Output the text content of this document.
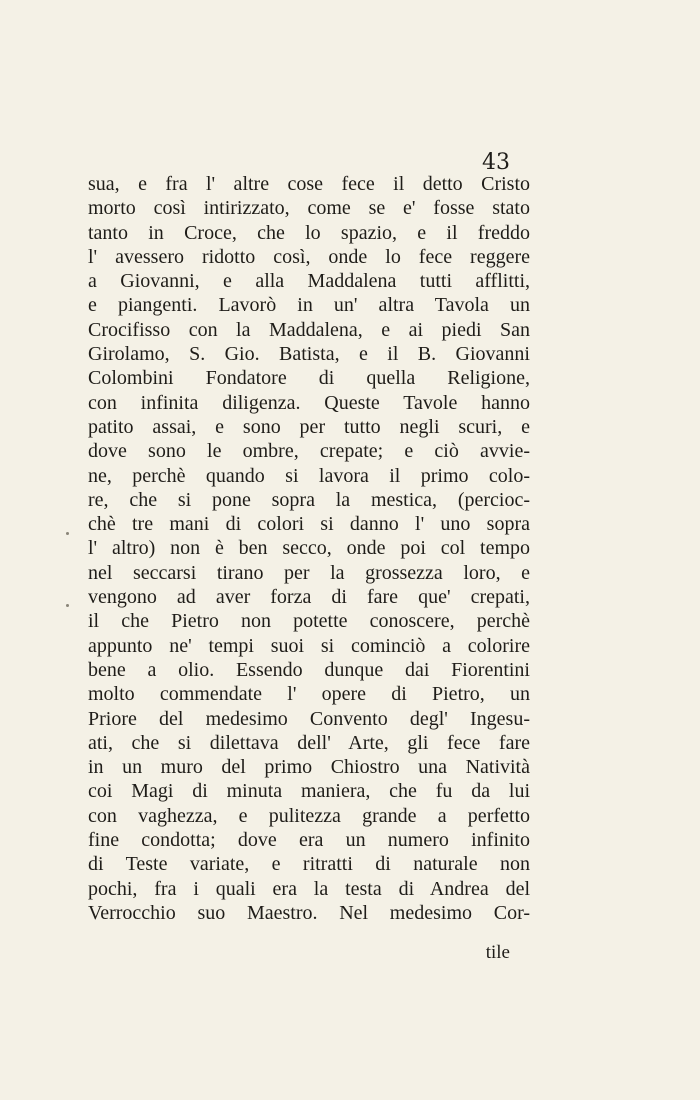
43
sua, e fra l' altre cose fece il detto Cristo
morto così intirizzato, come se e' fosse stato
tanto in Croce, che lo spazio, e il freddo
l' avessero ridotto così, onde lo fece reggere
a Giovanni, e alla Maddalena tutti afflitti,
e piangenti. Lavorò in un' altra Tavola un
Crocifisso con la Maddalena, e ai piedi San
Girolamo, S. Gio. Batista, e il B. Giovanni
Colombini Fondatore di quella Religione,
con infinita diligenza. Queste Tavole hanno
patito assai, e sono per tutto negli scuri, e
dove sono le ombre, crepate; e ciò avvie-
ne, perchè quando si lavora il primo colo-
re, che si pone sopra la mestica, (percioc-
chè tre mani di colori si danno l' uno sopra
l' altro) non è ben secco, onde poi col tempo
nel seccarsi tirano per la grossezza loro, e
vengono ad aver forza di fare que' crepati,
il che Pietro non potette conoscere, perchè
appunto ne' tempi suoi si cominciò a colorire
bene a olio. Essendo dunque dai Fiorentini
molto commendate l' opere di Pietro, un
Priore del medesimo Convento degl' Ingesu-
ati, che si dilettava dell' Arte, gli fece fare
in un muro del primo Chiostro una Natività
coi Magi di minuta maniera, che fu da lui
con vaghezza, e pulitezza grande a perfetto
fine condotta; dove era un numero infinito
di Teste variate, e ritratti di naturale non
pochi, fra i quali era la testa di Andrea del
Verrocchio suo Maestro. Nel medesimo Cor-
tile
